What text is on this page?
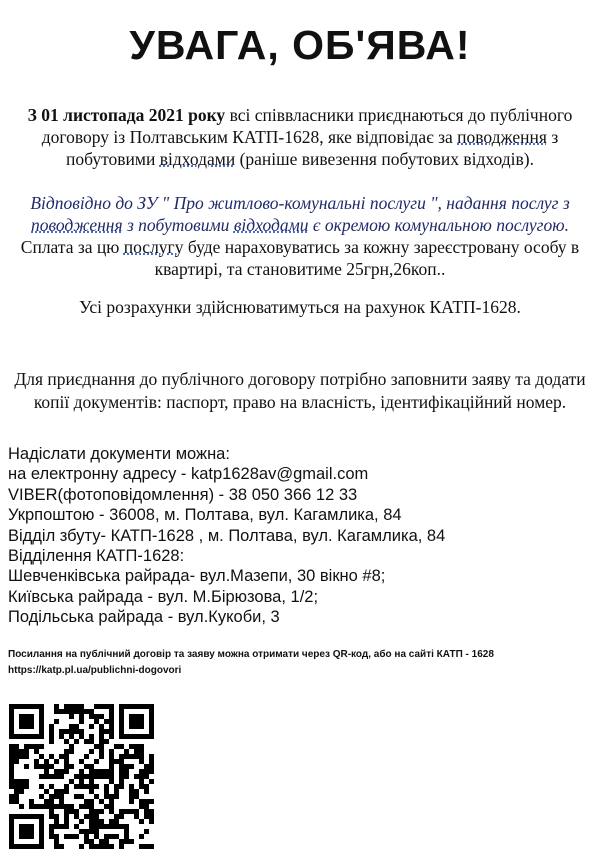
УВАГА, ОБ'ЯВА!
З 01 листопада 2021 року всі співвласники приєднаються до публічного договору із Полтавським КАТП-1628, яке відповідає за поводження з побутовими відходами (раніше вивезення побутових відходів).
Відповідно до ЗУ " Про житлово-комунальні послуги ", надання послуг з поводження з побутовими відходами є окремою комунальною послугою.
Сплата за цю послугу буде нараховуватись за кожну зареєстровану особу в квартирі, та становитиме 25грн,26коп..
Усі розрахунки здійснюватимуться на рахунок КАТП-1628.
Для приєднання до публічного договору потрібно заповнити заяву та додати копії документів: паспорт, право на власність, ідентифікаційний номер.
Надіслати документи можна:
на електронну адресу - katp1628av@gmail.com
VIBER(фотоповідомлення) - 38 050 366 12 33
Укрпоштою - 36008, м. Полтава, вул. Кагамлика, 84
Відділ збуту- КАТП-1628 , м. Полтава, вул. Кагамлика, 84
Відділення КАТП-1628:
Шевченківська райрада- вул.Мазепи, 30 вікно #8;
Київська райрада - вул. М.Бірюзова, 1/2;
Подільська райрада - вул.Кукоби, 3
Посилання на публічний договір та заяву можна отримати через QR-код, або на сайті КАТП - 1628
https://katp.pl.ua/publichni-dogovori
